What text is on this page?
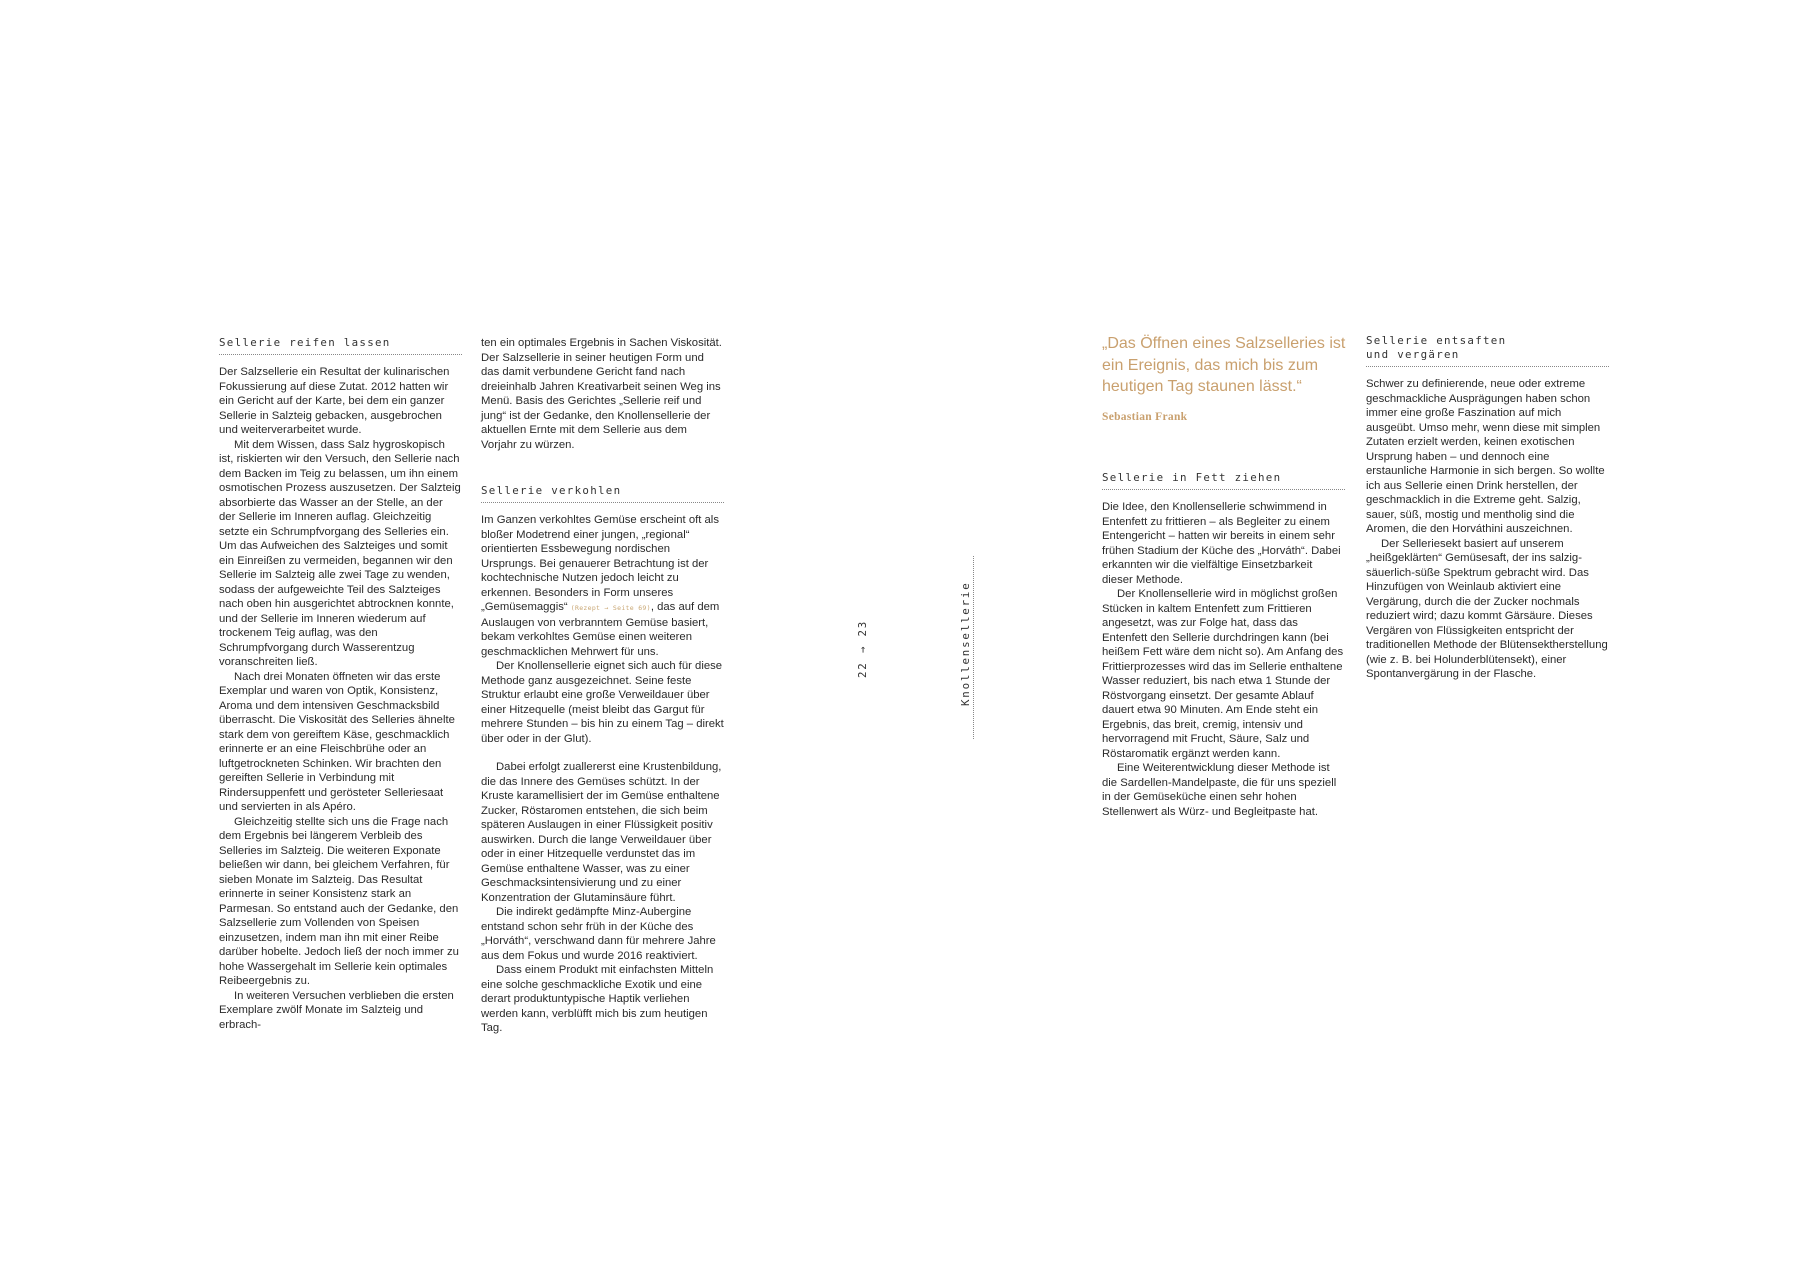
Sellerie reifen lassen

Der Salzsellerie ein Resultat der kulinarischen Fokussierung auf diese Zutat. 2012 hatten wir ein Gericht auf der Karte, bei dem ein ganzer Sellerie in Salzteig gebacken, ausgebrochen und weiterverarbeitet wurde.

Mit dem Wissen, dass Salz hygroskopisch ist, riskierten wir den Versuch, den Sellerie nach dem Backen im Teig zu belassen, um ihn einem osmotischen Prozess auszusetzen. Der Salzteig absorbierte das Wasser an der Stelle, an der der Sellerie im Inneren auflag. Gleichzeitig setzte ein Schrumpfvorgang des Selleries ein. Um das Aufweichen des Salzteiges und somit ein Einreißen zu vermeiden, begannen wir den Sellerie im Salzteig alle zwei Tage zu wenden, sodass der aufgeweichte Teil des Salzteiges nach oben hin ausgerichtet abtrocknen konnte, und der Sellerie im Inneren wiederum auf trockenem Teig auflag, was den Schrumpfvorgang durch Wasserentzug voranschreiten ließ.

Nach drei Monaten öffneten wir das erste Exemplar und waren von Optik, Konsistenz, Aroma und dem intensiven Geschmacksbild überrascht. Die Viskosität des Selleries ähnelte stark dem von gereiftem Käse, geschmacklich erinnerte er an eine Fleischbrühe oder an luftgetrockneten Schinken. Wir brachten den gereiften Sellerie in Verbindung mit Rindersuppenfett und gerösteter Selleriesaat und servierten in als Apéro.

Gleichzeitig stellte sich uns die Frage nach dem Ergebnis bei längerem Verbleib des Selleries im Salzteig. Die weiteren Exponate beließen wir dann, bei gleichem Verfahren, für sieben Monate im Salzteig. Das Resultat erinnerte in seiner Konsistenz stark an Parmesan. So entstand auch der Gedanke, den Salzsellerie zum Vollenden von Speisen einzusetzen, indem man ihn mit einer Reibe darüber hobelte. Jedoch ließ der noch immer zu hohe Wassergehalt im Sellerie kein optimales Reibeergebnis zu.

In weiteren Versuchen verblieben die ersten Exemplare zwölf Monate im Salzteig und erbrach-

ten ein optimales Ergebnis in Sachen Viskosität. Der Salzsellerie in seiner heutigen Form und das damit verbundene Gericht fand nach dreieinhalb Jahren Kreativarbeit seinen Weg ins Menü. Basis des Gerichtes „Sellerie reif und jung“ ist der Gedanke, den Knollensellerie der aktuellen Ernte mit dem Sellerie aus dem Vorjahr zu würzen.

Sellerie verkohlen

Im Ganzen verkohltes Gemüse erscheint oft als bloßer Modetrend einer jungen, „regional“ orientierten Essbewegung nordischen Ursprungs. Bei genauerer Betrachtung ist der kochtechnische Nutzen jedoch leicht zu erkennen. Besonders in Form unseres „Gemüsemaggis“ (Rezept → Seite 69), das auf dem Auslaugen von verbranntem Gemüse basiert, bekam verkohltes Gemüse einen weiteren geschmacklichen Mehrwert für uns.

Der Knollensellerie eignet sich auch für diese Methode ganz ausgezeichnet. Seine feste Struktur erlaubt eine große Verweildauer über einer Hitzequelle (meist bleibt das Gargut für mehrere Stunden – bis hin zu einem Tag – direkt über oder in der Glut).

Dabei erfolgt zuallererst eine Krustenbildung, die das Innere des Gemüses schützt. In der Kruste karamellisiert der im Gemüse enthaltene Zucker, Röstaromen entstehen, die sich beim späteren Auslaugen in einer Flüssigkeit positiv auswirken. Durch die lange Verweildauer über oder in einer Hitzequelle verdunstet das im Gemüse enthaltene Wasser, was zu einer Geschmacksintensivierung und zu einer Konzentration der Glutaminsäure führt.

Die indirekt gedämpfte Minz-Aubergine entstand schon sehr früh in der Küche des „Horváth“, verschwand dann für mehrere Jahre aus dem Fokus und wurde 2016 reaktiviert.

Dass einem Produkt mit einfachsten Mitteln eine solche geschmackliche Exotik und eine derart produktuntypische Haptik verliehen werden kann, verblüfft mich bis zum heutigen Tag.

22 → 23	Knollensellerie
„Das Öffnen eines Salzselleries ist ein Ereignis, das mich bis zum heutigen Tag staunen lässt.“
Sebastian Frank
Sellerie in Fett ziehen

Die Idee, den Knollensellerie schwimmend in Entenfett zu frittieren – als Begleiter zu einem Entengericht – hatten wir bereits in einem sehr frühen Stadium der Küche des „Horváth“. Dabei erkannten wir die vielfältige Einsetzbarkeit dieser Methode.

Der Knollensellerie wird in möglichst großen Stücken in kaltem Entenfett zum Frittieren angesetzt, was zur Folge hat, dass das Entenfett den Sellerie durchdringen kann (bei heißem Fett wäre dem nicht so). Am Anfang des Frittierprozesses wird das im Sellerie enthaltene Wasser reduziert, bis nach etwa 1 Stunde der Röstvorgang einsetzt. Der gesamte Ablauf dauert etwa 90 Minuten. Am Ende steht ein Ergebnis, das breit, cremig, intensiv und hervorragend mit Frucht, Säure, Salz und Röstaromatik ergänzt werden kann.

Eine Weiterentwicklung dieser Methode ist die Sardellen-Mandelpaste, die für uns speziell in der Gemüseküche einen sehr hohen Stellenwert als Würz- und Begleitpaste hat.

Sellerie entsaften
und vergären

Schwer zu definierende, neue oder extreme geschmackliche Ausprägungen haben schon immer eine große Faszination auf mich ausgeübt. Umso mehr, wenn diese mit simplen Zutaten erzielt werden, keinen exotischen Ursprung haben – und dennoch eine erstaunliche Harmonie in sich bergen. So wollte ich aus Sellerie einen Drink herstellen, der geschmacklich in die Extreme geht. Salzig, sauer, süß, mostig und mentholig sind die Aromen, die den Horváthini auszeichnen.

Der Selleriesekt basiert auf unserem „heißgeklärten“ Gemüsesaft, der ins salzig-säuerlich-süße Spektrum gebracht wird. Das Hinzufügen von Weinlaub aktiviert eine Vergärung, durch die der Zucker nochmals reduziert wird; dazu kommt Gärsäure. Dieses Vergären von Flüssigkeiten entspricht der traditionellen Methode der Blütensektherstellung (wie z. B. bei Holunderblütensekt), einer Spontanvergärung in der Flasche.
